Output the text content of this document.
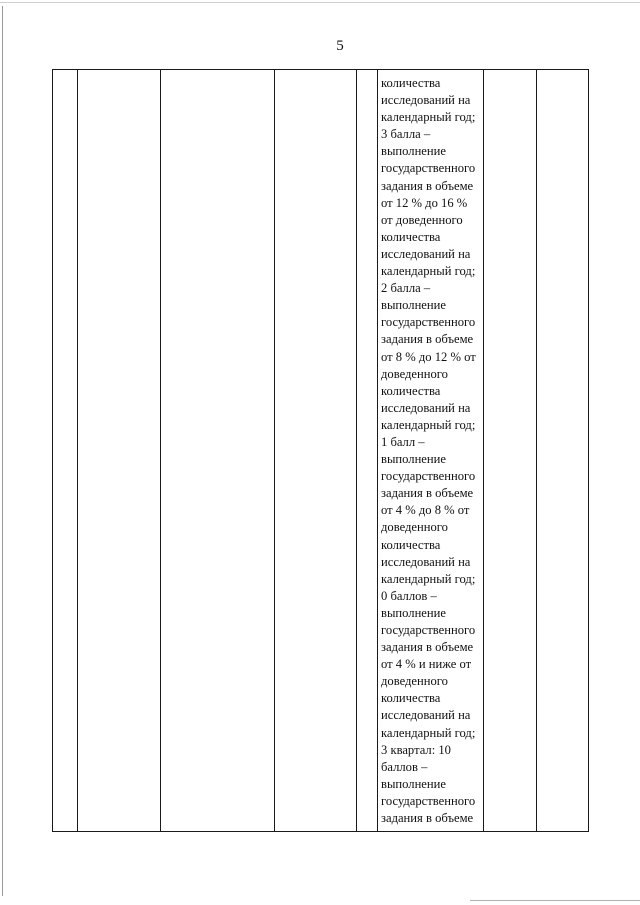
5
					количества
исследований на
календарный год;
3 балла –
выполнение
государственного
задания в объеме
от 12 % до 16 %
от доведенного
количества
исследований на
календарный год;
2 балла –
выполнение
государственного
задания в объеме
от 8 % до 12 % от
доведенного
количества
исследований на
календарный год;
1 балл –
выполнение
государственного
задания в объеме
от 4 % до 8 % от
доведенного
количества
исследований на
календарный год;
0 баллов –
выполнение
государственного
задания в объеме
от 4 % и ниже от
доведенного
количества
исследований на
календарный год;
3 квартал: 10
баллов –
выполнение
государственного
задания в объеме		
